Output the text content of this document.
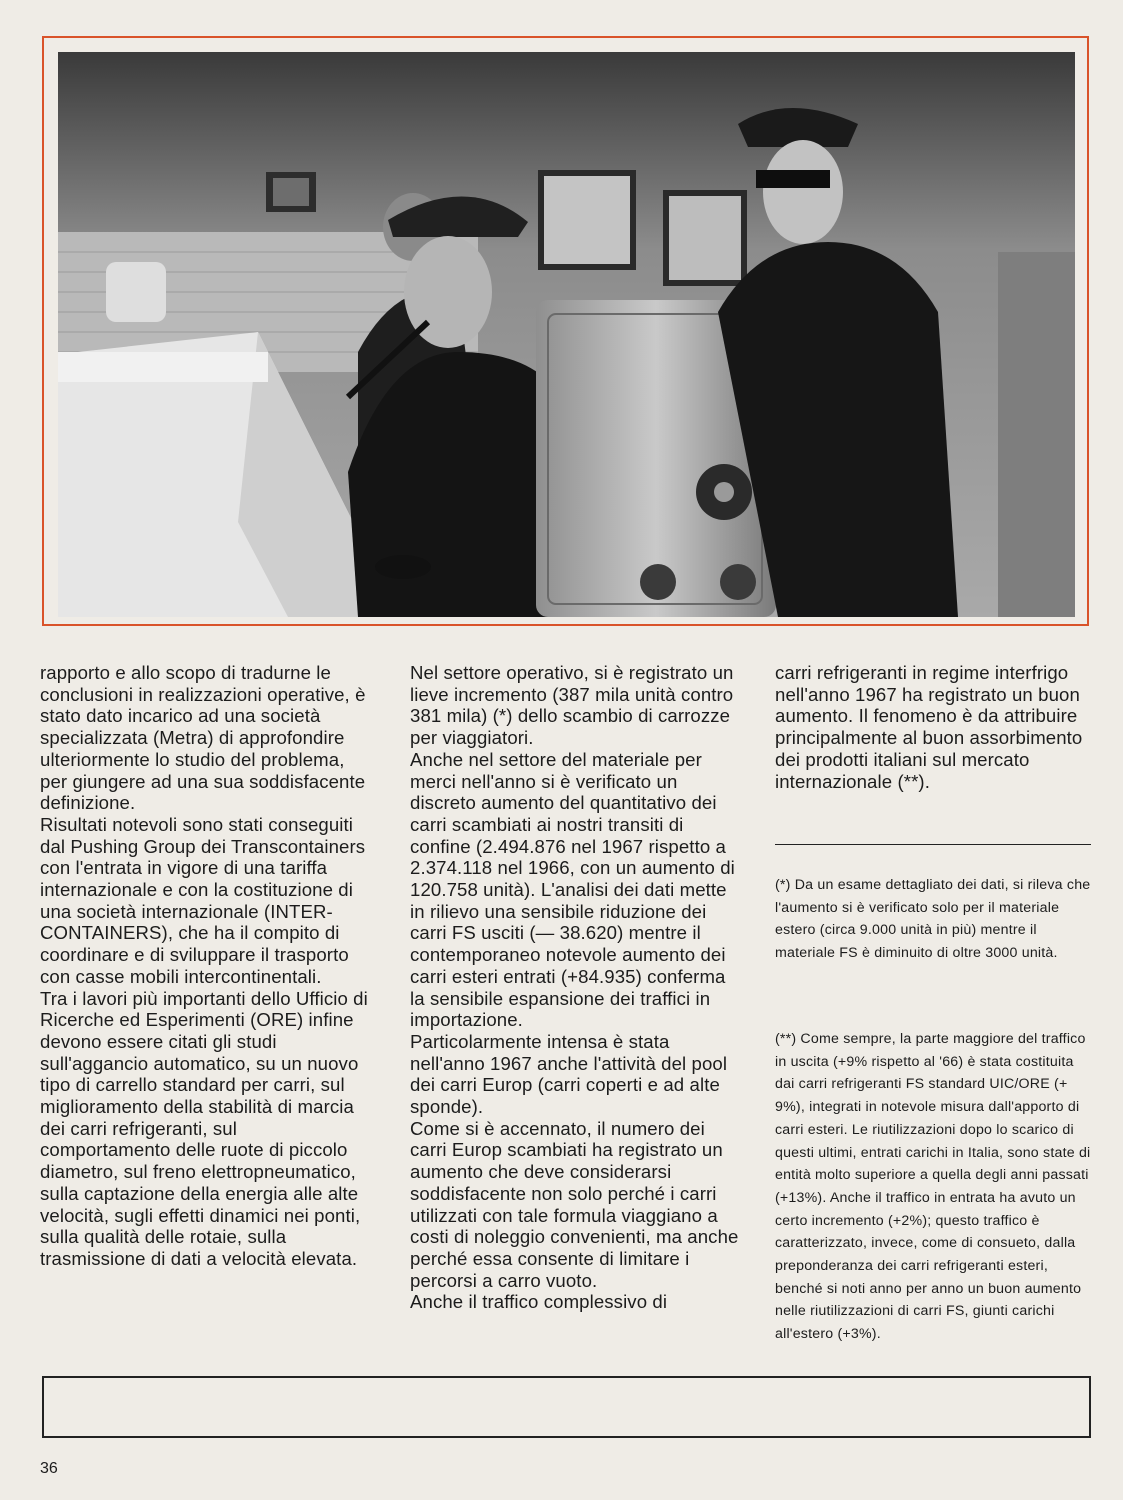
rapporto e allo scopo di tradurne le conclusioni in realizzazioni operative, è stato dato incarico ad una società specializzata (Metra) di approfondire ulteriormente lo studio del problema, per giungere ad una sua soddisfacente definizione.

Risultati notevoli sono stati conseguiti dal Pushing Group dei Transcontainers con l'entrata in vigore di una tariffa internazionale e con la costituzione di una società internazionale (INTER-CONTAINERS), che ha il compito di coordinare e di sviluppare il trasporto con casse mobili intercontinentali.

Tra i lavori più importanti dello Ufficio di Ricerche ed Esperimenti (ORE) infine devono essere citati gli studi sull'aggancio automatico, su un nuovo tipo di carrello standard per carri, sul miglioramento della stabilità di marcia dei carri refrigeranti, sul comportamento delle ruote di piccolo diametro, sul freno elettropneumatico, sulla captazione della energia alle alte velocità, sugli effetti dinamici nei ponti, sulla qualità delle rotaie, sulla trasmissione di dati a velocità elevata.

Nel settore operativo, si è registrato un lieve incremento (387 mila unità contro 381 mila) (*) dello scambio di carrozze per viaggiatori.

Anche nel settore del materiale per merci nell'anno si è verificato un discreto aumento del quantitativo dei carri scambiati ai nostri transiti di confine (2.494.876 nel 1967 rispetto a 2.374.118 nel 1966, con un aumento di 120.758 unità). L'analisi dei dati mette in rilievo una sensibile riduzione dei carri FS usciti (— 38.620) mentre il contemporaneo notevole aumento dei carri esteri entrati (+84.935) conferma la sensibile espansione dei traffici in importazione.

Particolarmente intensa è stata nell'anno 1967 anche l'attività del pool dei carri Europ (carri coperti e ad alte sponde).

Come si è accennato, il numero dei carri Europ scambiati ha registrato un aumento che deve considerarsi soddisfacente non solo perché i carri utilizzati con tale formula viaggiano a costi di noleggio convenienti, ma anche perché essa consente di limitare i percorsi a carro vuoto.

Anche il traffico complessivo di

carri refrigeranti in regime interfrigo nell'anno 1967 ha registrato un buon aumento. Il fenomeno è da attribuire principalmente al buon assorbimento dei prodotti italiani sul mercato internazionale (**).

(*) Da un esame dettagliato dei dati, si rileva che l'aumento si è verificato solo per il materiale estero (circa 9.000 unità in più) mentre il materiale FS è diminuito di oltre 3000 unità.

(**) Come sempre, la parte maggiore del traffico in uscita (+9% rispetto al '66) è stata costituita dai carri refrigeranti FS standard UIC/ORE (+ 9%), integrati in notevole misura dall'apporto di carri esteri. Le riutilizzazioni dopo lo scarico di questi ultimi, entrati carichi in Italia, sono state di entità molto superiore a quella degli anni passati (+13%). Anche il traffico in entrata ha avuto un certo incremento (+2%); questo traffico è caratterizzato, invece, come di consueto, dalla preponderanza dei carri refrigeranti esteri, benché si noti anno per anno un buon aumento nelle riutilizzazioni di carri FS, giunti carichi all'estero (+3%).

36
